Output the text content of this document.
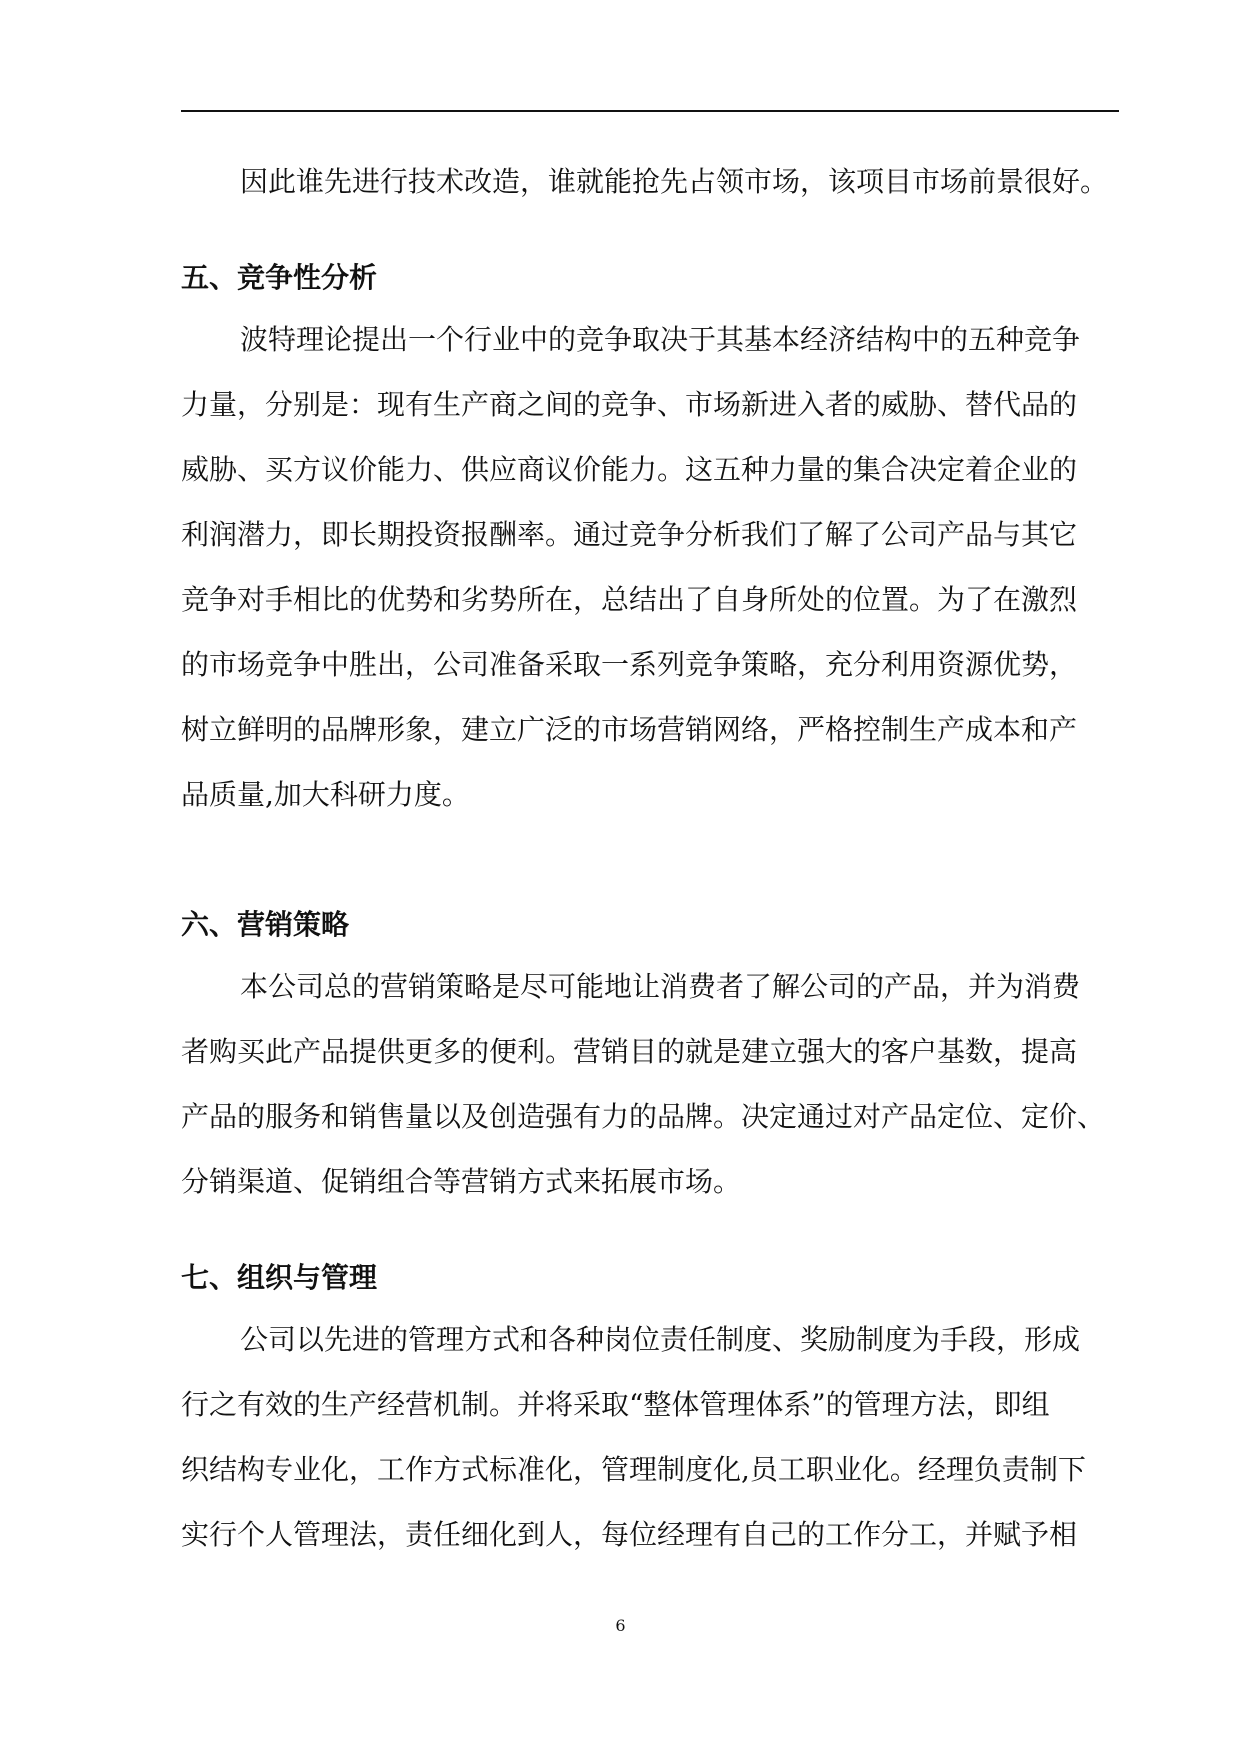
因此谁先进行技术改造，谁就能抢先占领市场，该项目市场前景很好。
五、竞争性分析
波特理论提出一个行业中的竞争取决于其基本经济结构中的五种竞争
力量，分别是：现有生产商之间的竞争、市场新进入者的威胁、替代品的
威胁、买方议价能力、供应商议价能力。这五种力量的集合决定着企业的
利润潜力，即长期投资报酬率。通过竞争分析我们了解了公司产品与其它
竞争对手相比的优势和劣势所在，总结出了自身所处的位置。为了在激烈
的市场竞争中胜出，公司准备采取一系列竞争策略，充分利用资源优势，
树立鲜明的品牌形象，建立广泛的市场营销网络，严格控制生产成本和产
品质量,加大科研力度。
六、营销策略
本公司总的营销策略是尽可能地让消费者了解公司的产品，并为消费
者购买此产品提供更多的便利。营销目的就是建立强大的客户基数，提高
产品的服务和销售量以及创造强有力的品牌。决定通过对产品定位、定价、
分销渠道、促销组合等营销方式来拓展市场。
七、组织与管理
公司以先进的管理方式和各种岗位责任制度、奖励制度为手段，形成
行之有效的生产经营机制。并将采取“整体管理体系”的管理方法，即组
织结构专业化，工作方式标准化，管理制度化,员工职业化。经理负责制下
实行个人管理法，责任细化到人，每位经理有自己的工作分工，并赋予相
6
